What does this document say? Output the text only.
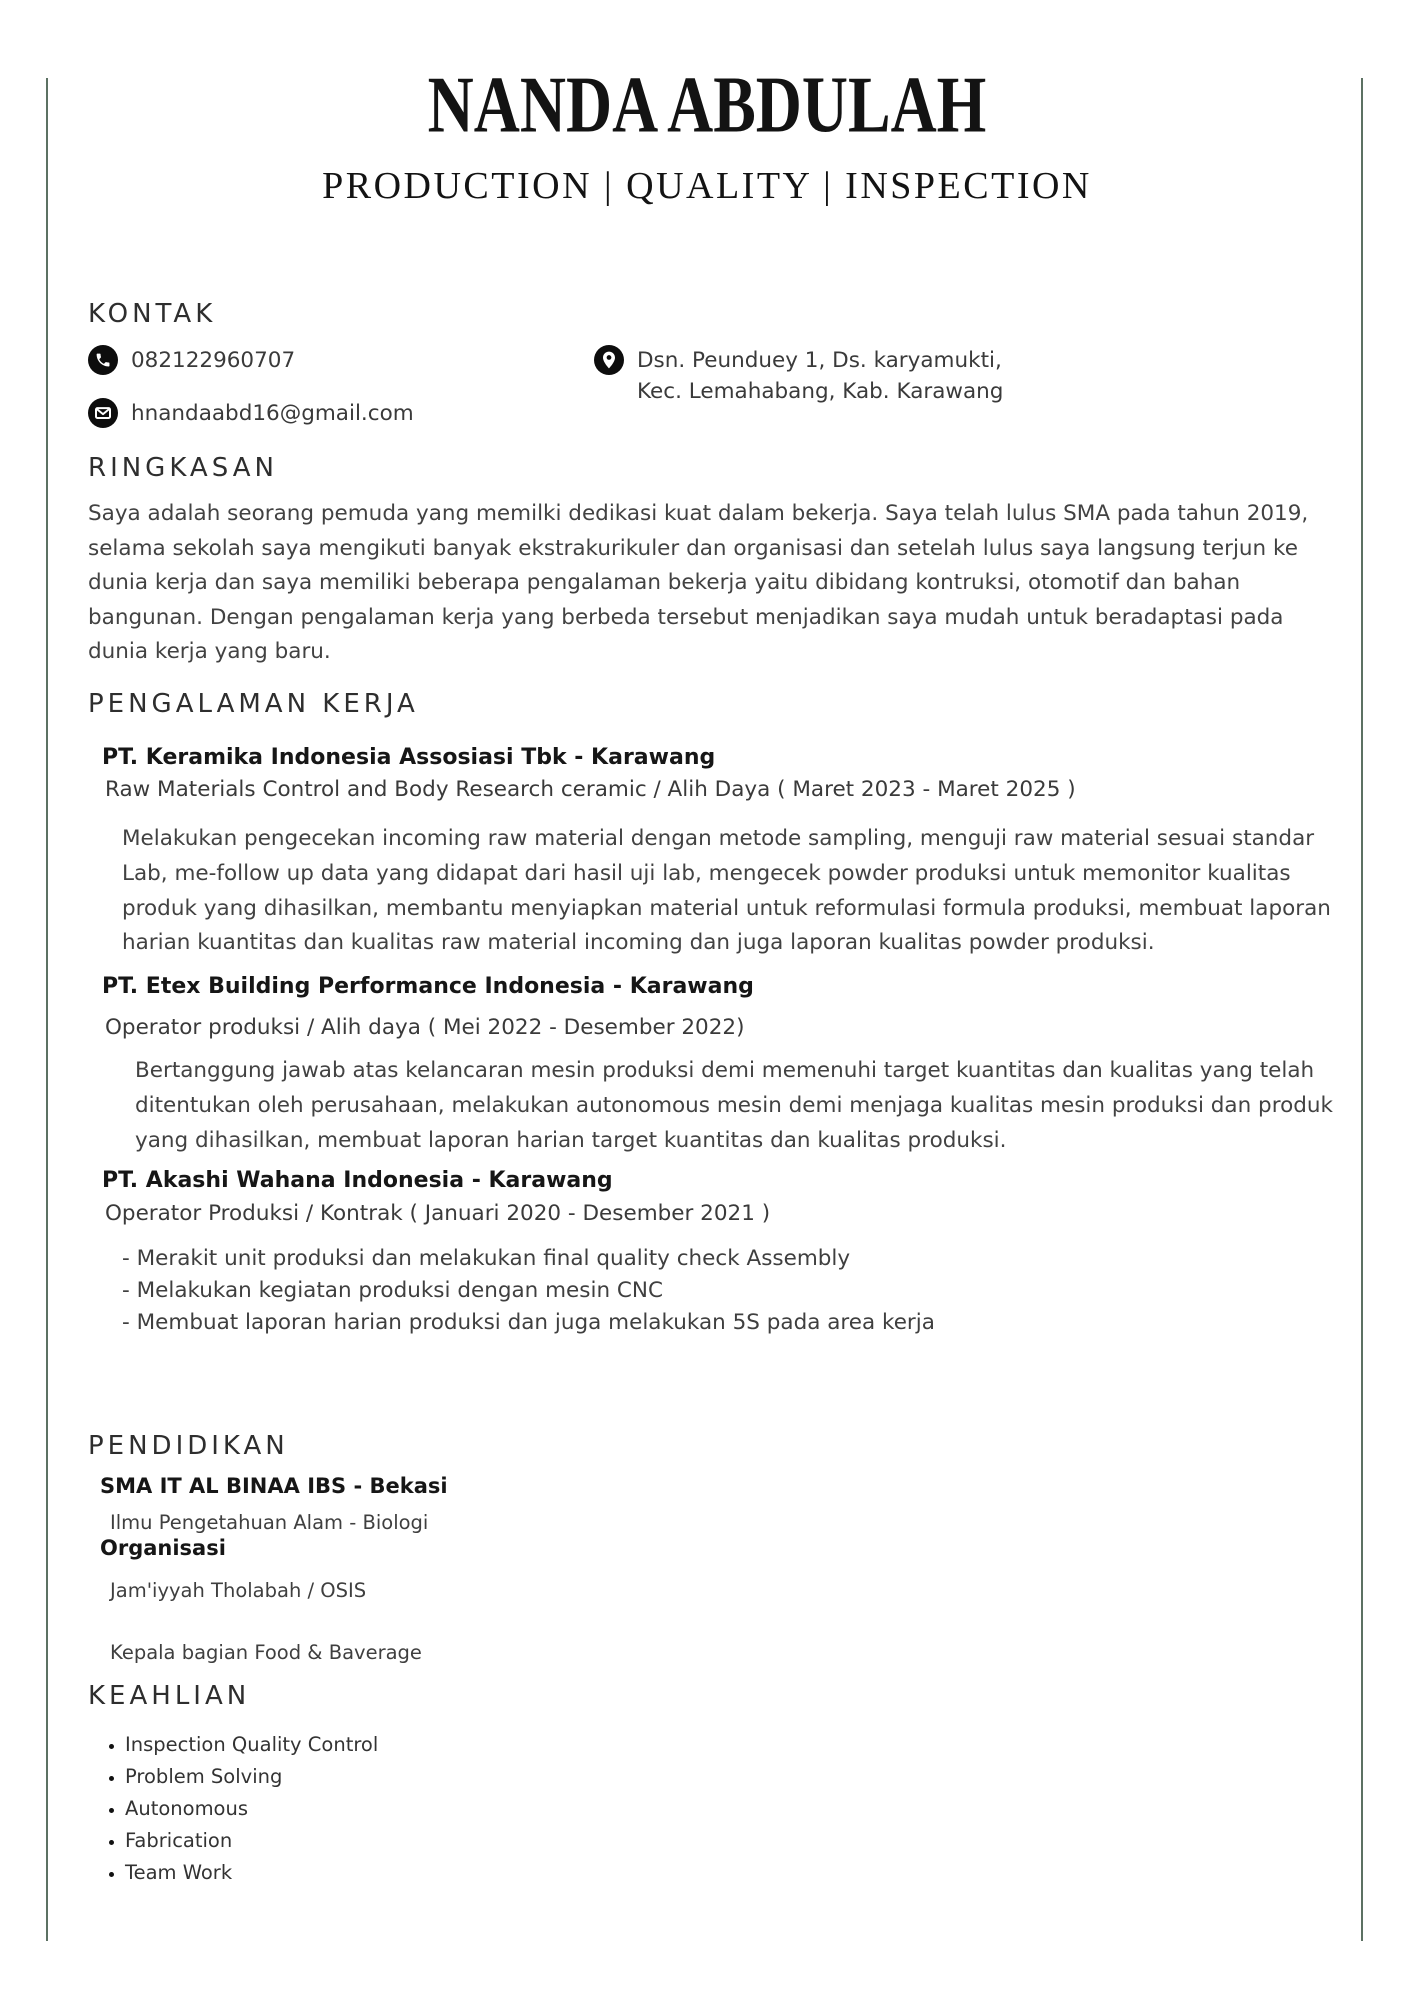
NANDA ABDULAH
PRODUCTION | QUALITY | INSPECTION
KONTAK
082122960707
hnandaabd16@gmail.com
Dsn. Peunduey 1, Ds. karyamukti,
Kec. Lemahabang, Kab. Karawang
RINGKASAN
Saya adalah seorang pemuda yang memilki dedikasi kuat dalam bekerja. Saya telah lulus SMA pada tahun 2019, selama sekolah saya mengikuti banyak ekstrakurikuler dan organisasi dan setelah lulus saya langsung terjun ke dunia kerja dan saya memiliki beberapa pengalaman bekerja yaitu dibidang kontruksi, otomotif dan bahan bangunan. Dengan pengalaman kerja yang berbeda tersebut menjadikan saya mudah untuk beradaptasi pada dunia kerja yang baru.
PENGALAMAN KERJA
PT. Keramika Indonesia Assosiasi Tbk - Karawang
Raw Materials Control and Body Research ceramic / Alih Daya ( Maret 2023 - Maret 2025 )
Melakukan pengecekan incoming raw material dengan metode sampling, menguji raw material sesuai standar Lab, me-follow up data yang didapat dari hasil uji lab, mengecek powder produksi untuk memonitor kualitas produk yang dihasilkan, membantu menyiapkan material untuk reformulasi formula produksi, membuat laporan harian kuantitas dan kualitas raw material incoming dan juga laporan kualitas powder produksi.
PT. Etex Building Performance Indonesia - Karawang
Operator produksi / Alih daya ( Mei 2022 - Desember 2022)
Bertanggung jawab atas kelancaran mesin produksi demi memenuhi target kuantitas dan kualitas yang telah ditentukan oleh perusahaan, melakukan autonomous mesin demi menjaga kualitas mesin produksi dan produk yang dihasilkan, membuat laporan harian target kuantitas dan kualitas produksi.
PT. Akashi Wahana Indonesia - Karawang
Operator Produksi / Kontrak ( Januari 2020 - Desember 2021 )
- Merakit unit produksi dan melakukan final quality check Assembly
- Melakukan kegiatan produksi dengan mesin CNC
- Membuat laporan harian produksi dan juga melakukan 5S pada area kerja
PENDIDIKAN
SMA IT AL BINAA IBS - Bekasi
Ilmu Pengetahuan Alam - Biologi
Organisasi
Jam'iyyah Tholabah / OSIS
Kepala bagian Food & Baverage
KEAHLIAN
• Inspection Quality Control
• Problem Solving
• Autonomous
• Fabrication
• Team Work
